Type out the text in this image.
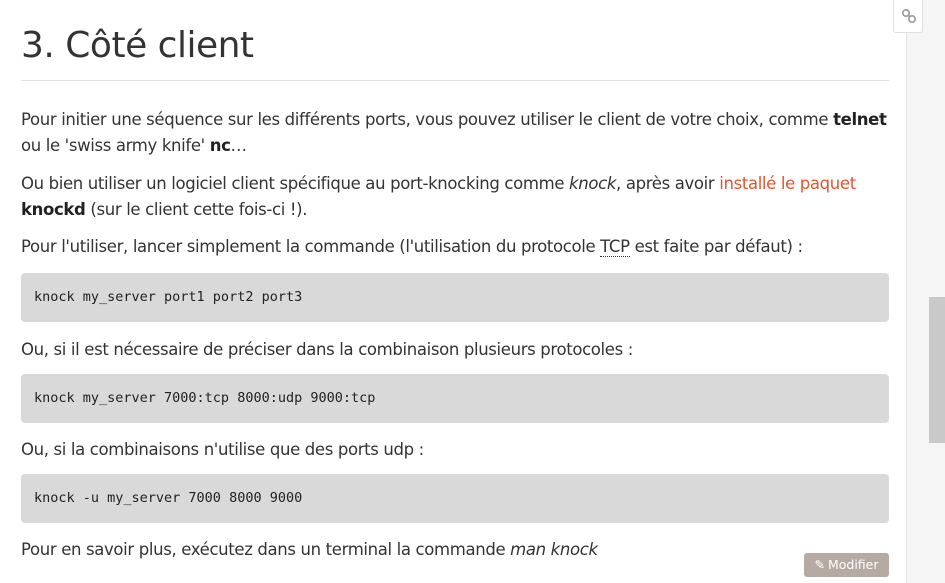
3. Côté client

Pour initier une séquence sur les différents ports, vous pouvez utiliser le client de votre choix, comme telnet ou le 'swiss army knife' nc…

Ou bien utiliser un logiciel client spécifique au port-knocking comme knock, après avoir installé le paquet
knockd (sur le client cette fois-ci !).

Pour l'utiliser, lancer simplement la commande (l'utilisation du protocole TCP est faite par défaut) :

knock my_server port1 port2 port3

Ou, si il est nécessaire de préciser dans la combinaison plusieurs protocoles :

knock my_server 7000:tcp 8000:udp 9000:tcp

Ou, si la combinaisons n'utilise que des ports udp :

knock -u my_server 7000 8000 9000

Pour en savoir plus, exécutez dans un terminal la commande man knock

✎ Modifier
